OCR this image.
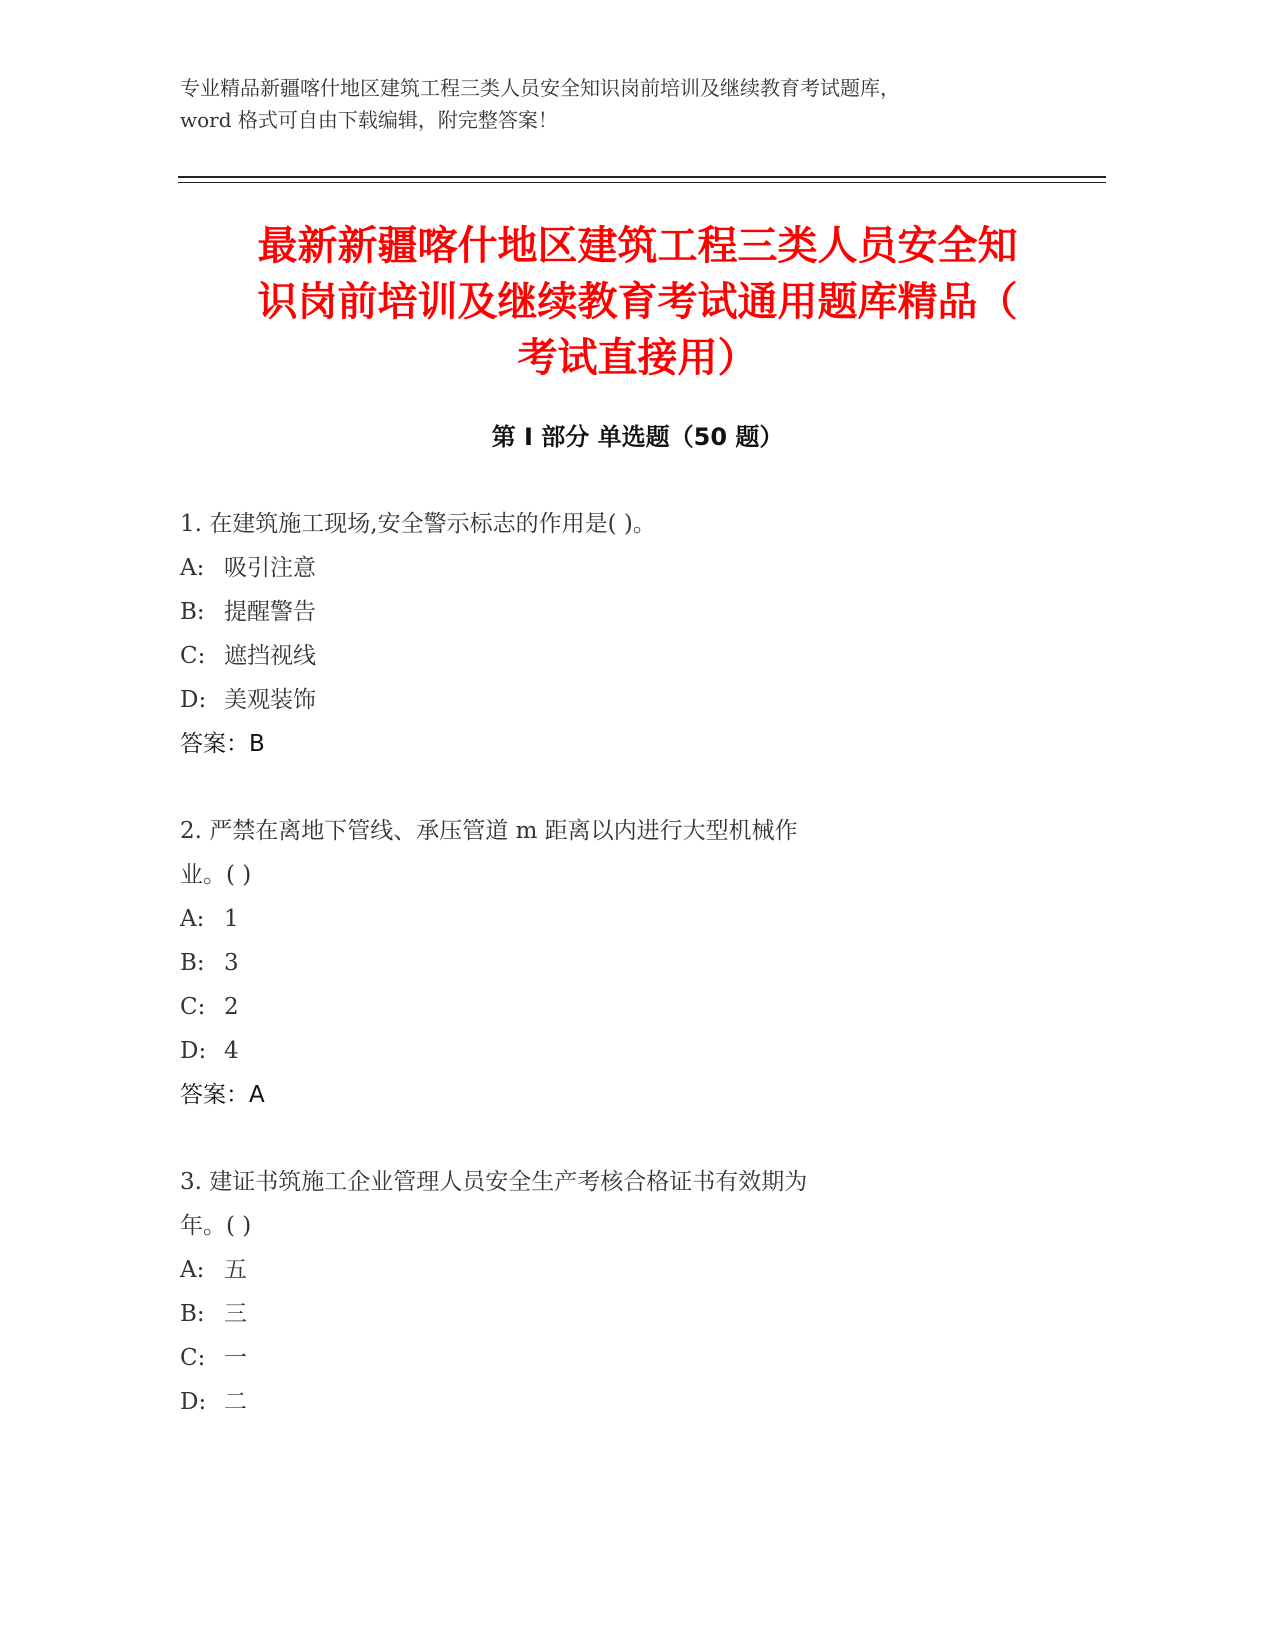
专业精品新疆喀什地区建筑工程三类人员安全知识岗前培训及继续教育考试题库，
word 格式可自由下载编辑，附完整答案！

最新新疆喀什地区建筑工程三类人员安全知
识岗前培训及继续教育考试通用题库精品（
考试直接用）
第 I 部分 单选题（50 题）
1. 在建筑施工现场,安全警示标志的作用是( )。
A: 吸引注意
B: 提醒警告
C: 遮挡视线
D: 美观装饰
答案：B
2. 严禁在离地下管线、承压管道 m 距离以内进行大型机械作
业。( )
A: 1
B: 3
C: 2
D: 4
答案：A
3. 建证书筑施工企业管理人员安全生产考核合格证书有效期为
年。( )
A: 五
B: 三
C: 一
D: 二
